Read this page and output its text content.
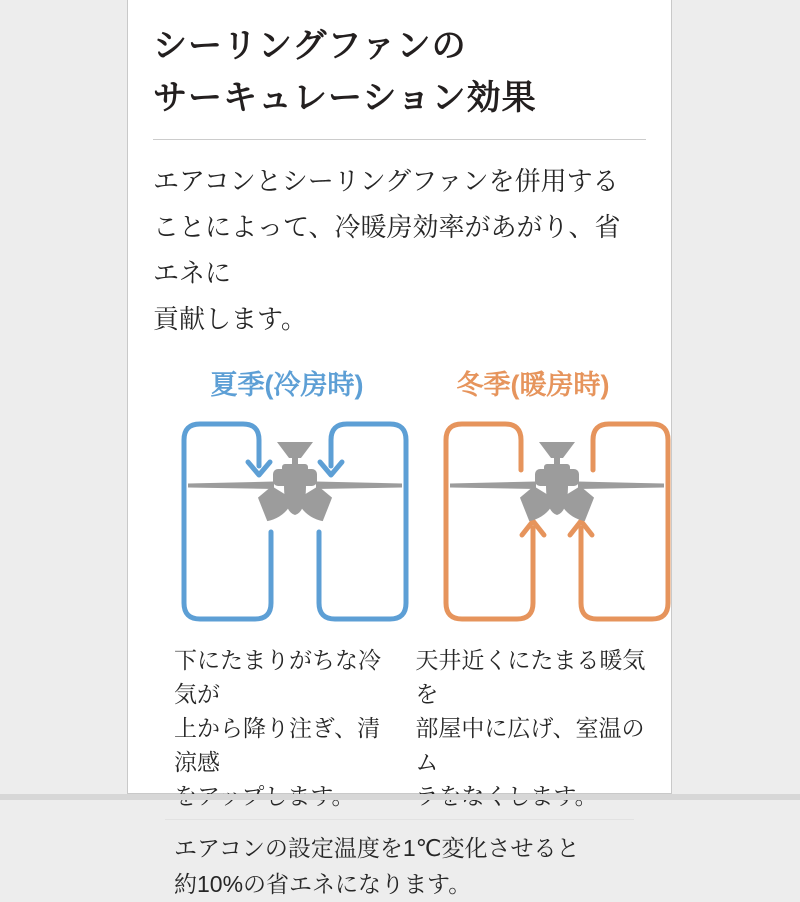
シーリングファンの
サーキュレーション効果
エアコンとシーリングファンを併用する
ことによって、冷暖房効率があがり、省エネに
貢献します。
夏季(冷房時)	冬季(暖房時)
下にたまりがちな冷気が
上から降り注ぎ、清涼感
天井近くにたまる暖気を
部屋中に広げ、室温のム
エアコンの設定温度を1℃変化させると
約10%の省エネになります。
